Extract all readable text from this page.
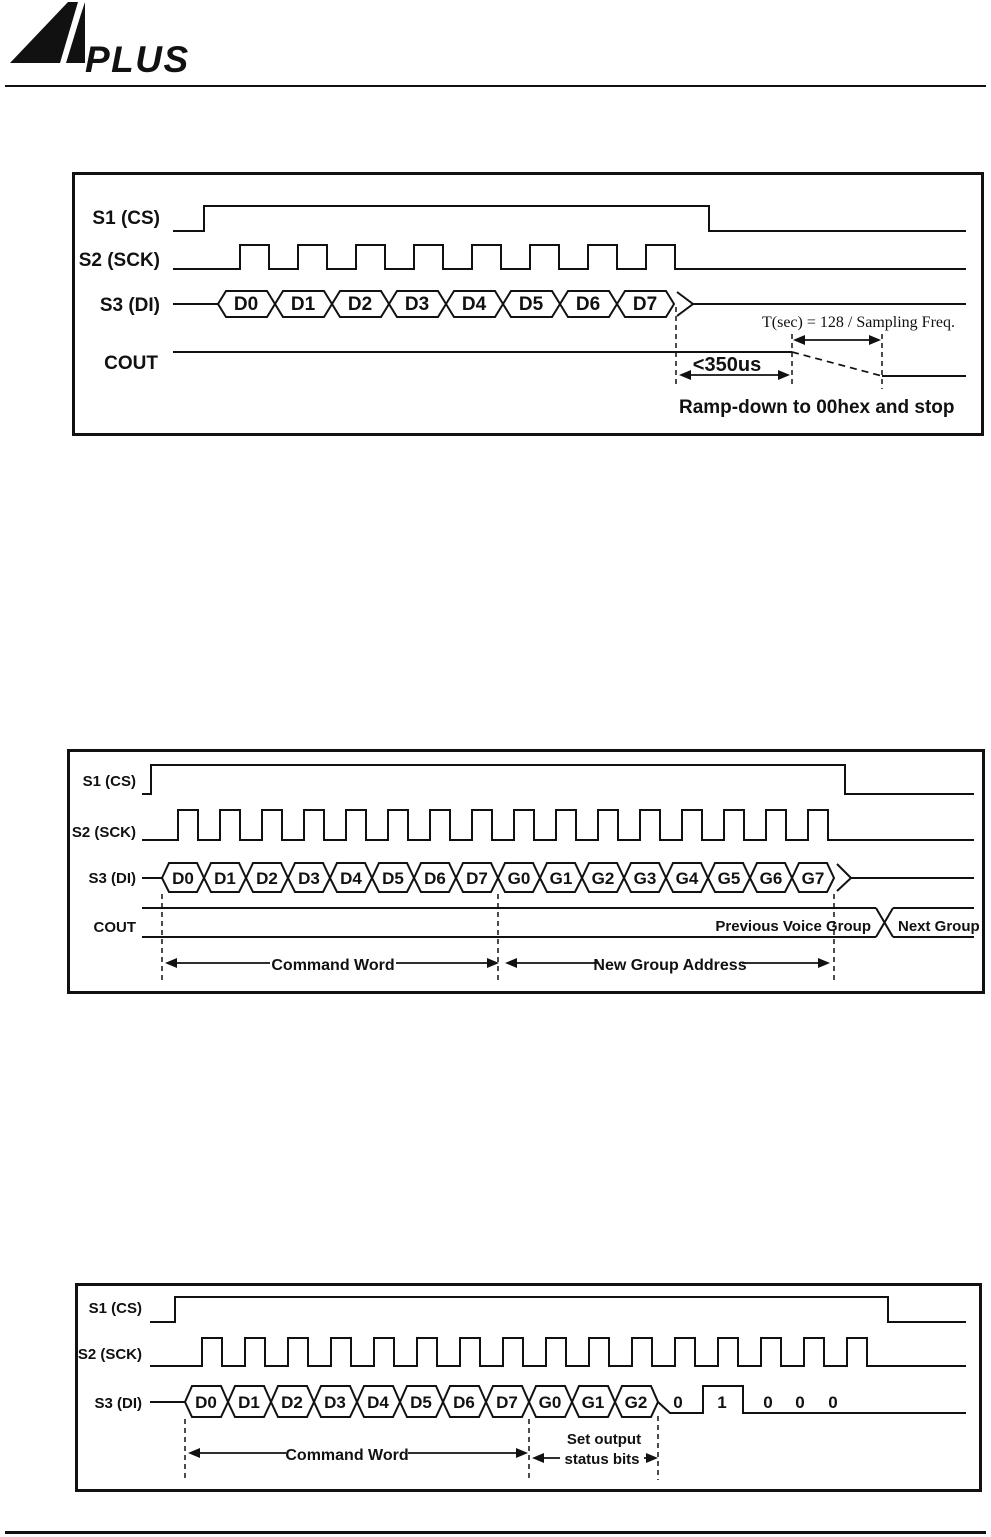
PLUS
S1 (CS)
S2 (SCK)
S3 (DI)	D0 D1 D2 D3 D4 D5 D6 D7
COUT	<350us
T(sec) = 128 / Sampling Freq.
Ramp-down to 00hex and stop
S1 (CS)
S2 (SCK)
S3 (DI) D0 D1 D2 D3 D4 D5 D6 D7 G0 G1 G2 G3 G4 G5 G6 G7
COUT	Previous Voice Group Next Group
Command Word	New Group Address
S1 (CS)
S2 (SCK)
S3 (DI)	D0 D1 D2 D3 D4 D5 D6 D7 G0 G1 G2 0 1 0 0 0
Command Word
Set output
status bits
